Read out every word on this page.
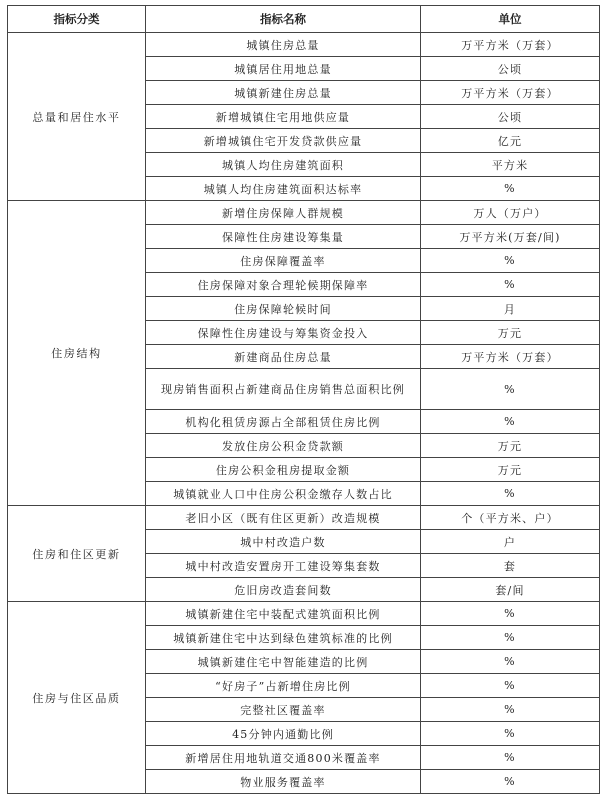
指标分类	指标名称	单位
总量和居住水平	城镇住房总量	万平方米（万套）
	城镇居住用地总量	公顷
	城镇新建住房总量	万平方米（万套）
	新增城镇住宅用地供应量	公顷
	新增城镇住宅开发贷款供应量	亿元
	城镇人均住房建筑面积	平方米
	城镇人均住房建筑面积达标率	%
住房结构	新增住房保障人群规模	万人（万户）
	保障性住房建设筹集量	万平方米(万套/间)
	住房保障覆盖率	%
	住房保障对象合理轮候期保障率	%
	住房保障轮候时间	月
	保障性住房建设与筹集资金投入	万元
	新建商品住房总量	万平方米（万套）
	现房销售面积占新建商品住房销售总面积比例	%
	机构化租赁房源占全部租赁住房比例	%
	发放住房公积金贷款额	万元
	住房公积金租房提取金额	万元
	城镇就业人口中住房公积金缴存人数占比	%
住房和住区更新	老旧小区（既有住区更新）改造规模	个（平方米、户）
	城中村改造户数	户
	城中村改造安置房开工建设筹集套数	套
	危旧房改造套间数	套/间
住房与住区品质	城镇新建住宅中装配式建筑面积比例	%
	城镇新建住宅中达到绿色建筑标准的比例	%
	城镇新建住宅中智能建造的比例	%
	“好房子”占新增住房比例	%
	完整社区覆盖率	%
	45分钟内通勤比例	%
	新增居住用地轨道交通800米覆盖率	%
	物业服务覆盖率	%
